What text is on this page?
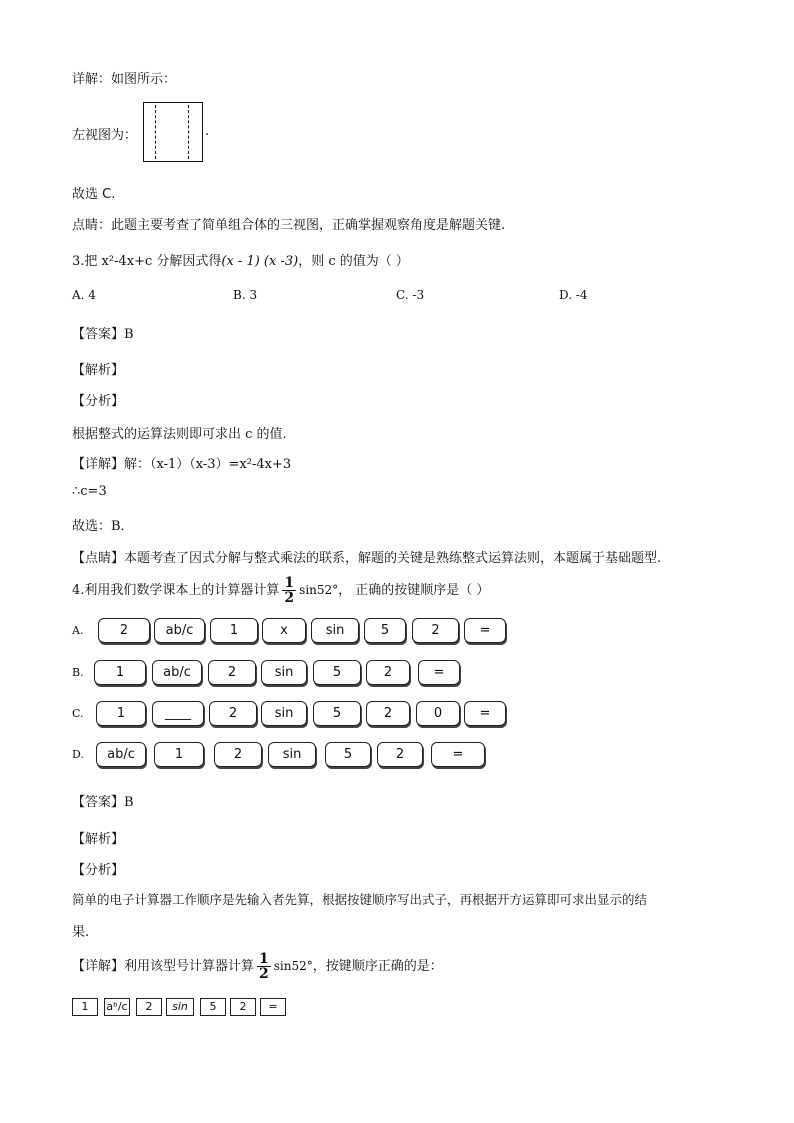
详解：如图所示：
左视图为：	.
故选 C.
点睛：此题主要考查了简单组合体的三视图，正确掌握观察角度是解题关键.
3.把 x²-4x+c 分解因式得(x - 1) (x -3)，则 c 的值为（ ）
A. 4	B. 3	C. -3	D. -4
【答案】B
【解析】
【分析】
根据整式的运算法则即可求出 c 的值.
【详解】解：（x-1）（x-3）=x²-4x+3
∴c=3
故选：B．
【点睛】本题考查了因式分解与整式乘法的联系，解题的关键是熟练整式运算法则，本题属于基础题型.
4.利用我们数学课本上的计算器计算 $\frac{1}{2} \sin 52^\circ$， 正确的按键顺序是（ ）
A.	2	ab/c	1	x	sin	5	2	=
B.	1	ab/c	2	sin	5	2	=
C.	1	____	2	sin	5	2	0	=
D.	ab/c	1	2	sin	5	2	=
【答案】B
【解析】
【分析】
简单的电子计算器工作顺序是先输入者先算，根据按键顺序写出式子，再根据开方运算即可求出显示的结
果.
【详解】利用该型号计算器计算 $\frac{1}{2} \sin 52^\circ$，按键顺序正确的是：
1	aᵇ/c	2	sin	5	2	=
